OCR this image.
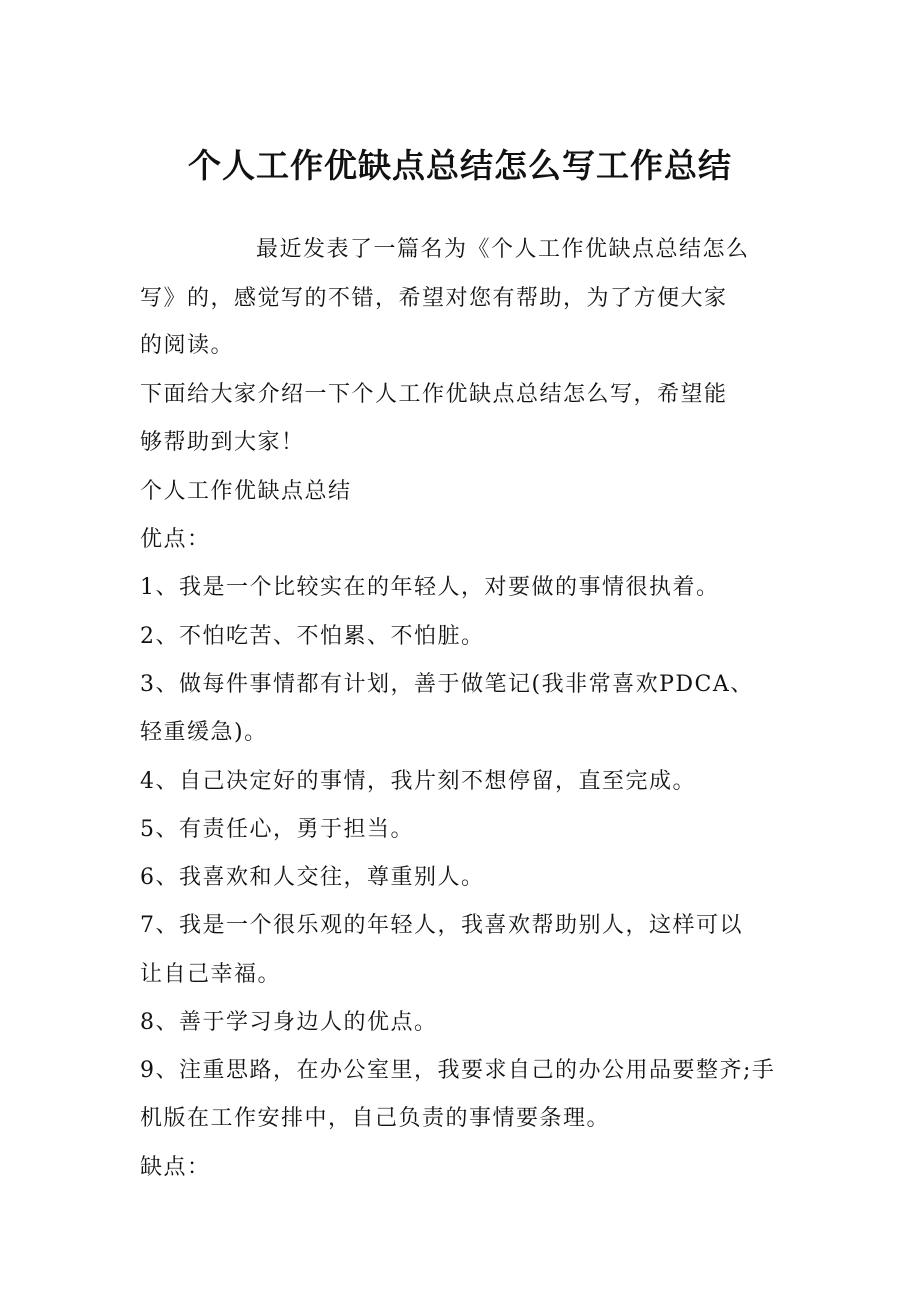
个人工作优缺点总结怎么写工作总结
最近发表了一篇名为《个人工作优缺点总结怎么
写》的，感觉写的不错，希望对您有帮助，为了方便大家
的阅读。
下面给大家介绍一下个人工作优缺点总结怎么写，希望能
够帮助到大家！
个人工作优缺点总结
优点：
1、我是一个比较实在的年轻人，对要做的事情很执着。
2、不怕吃苦、不怕累、不怕脏。
3、做每件事情都有计划，善于做笔记(我非常喜欢PDCA、
轻重缓急)。
4、自己决定好的事情，我片刻不想停留，直至完成。
5、有责任心，勇于担当。
6、我喜欢和人交往，尊重别人。
7、我是一个很乐观的年轻人，我喜欢帮助别人，这样可以
让自己幸福。
8、善于学习身边人的优点。
9、注重思路，在办公室里，我要求自己的办公用品要整齐;手
机版在工作安排中，自己负责的事情要条理。
缺点：
